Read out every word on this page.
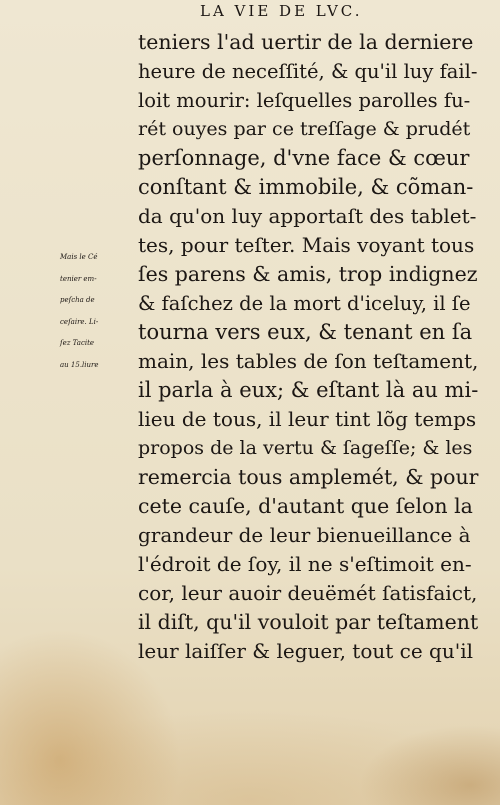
LA VIE DE LVC.
teniers l'ad uertir de la derniere
heure de neceſſité, & qu'il luy fail-
loit mourir: leſquelles parolles fu-
rét ouyes par ce treſſage & prudét
perſonnage, d'vne face & cœur
conſtant & immobile, & cõman-
da qu'on luy apportaſt des tablet-
tes, pour teſter. Mais voyant tous
ſes parens & amis, trop indignez
& faſchez de la mort d'iceluy, il ſe
tourna vers eux, & tenant en ſa
main, les tables de ſon teſtament,
il parla à eux; & eſtant là au mi-
lieu de tous, il leur tint lõg temps
propos de la vertu & ſageſſe; & les
remercia tous amplemét, & pour
cete cauſe, d'autant que ſelon la
grandeur de leur bienueillance à
l'édroit de ſoy, il ne s'eſtimoit en-
cor, leur auoir deuëmét ſatisfaict,
il diſt, qu'il vouloit par teſtament
leur laiſſer & leguer, tout ce qu'il
Mais le Cé
tenier em-
peſcha de
ceſaire. Li-
ſez Tacite
au 15.liure
